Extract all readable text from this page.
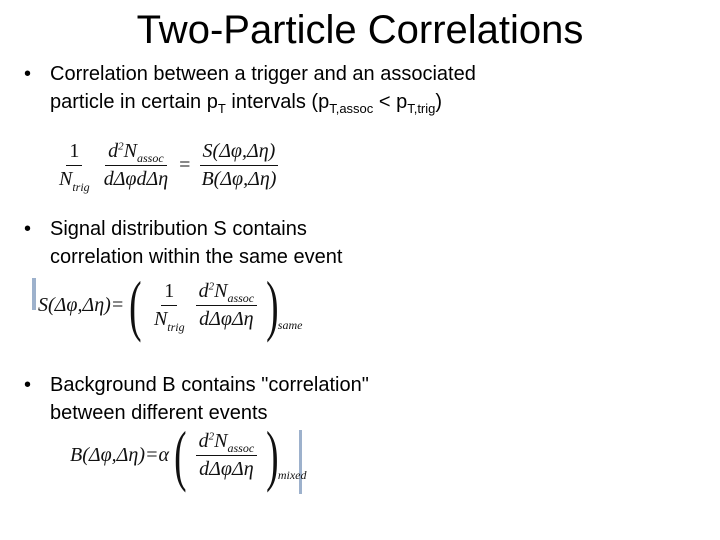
Two-Particle Correlations
• Correlation between a trigger and an associated
particle in certain $p_T$ intervals $(p_{T,assoc} < p_{T,trig})$
$\frac{1}{N_{trig}} \frac{d^2N_{assoc}}{\text{dΔφdΔη}} = \frac{S(\Delta\varphi,\Delta\eta)}{B(\Delta\varphi,\Delta\eta)}$
• Signal distribution S contains
correlation within the same event
S(Δφ,Δη)= ( $\frac{1}{N_{trig}} \frac{d^2N_{assoc}}{\text{dΔφΔη}}$ ) same
• Background B contains "correlation"
between different events
B(Δφ,Δη)=α ( $\frac{d^2N_{assoc}}{\text{dΔφΔη}}$ ) mixed
